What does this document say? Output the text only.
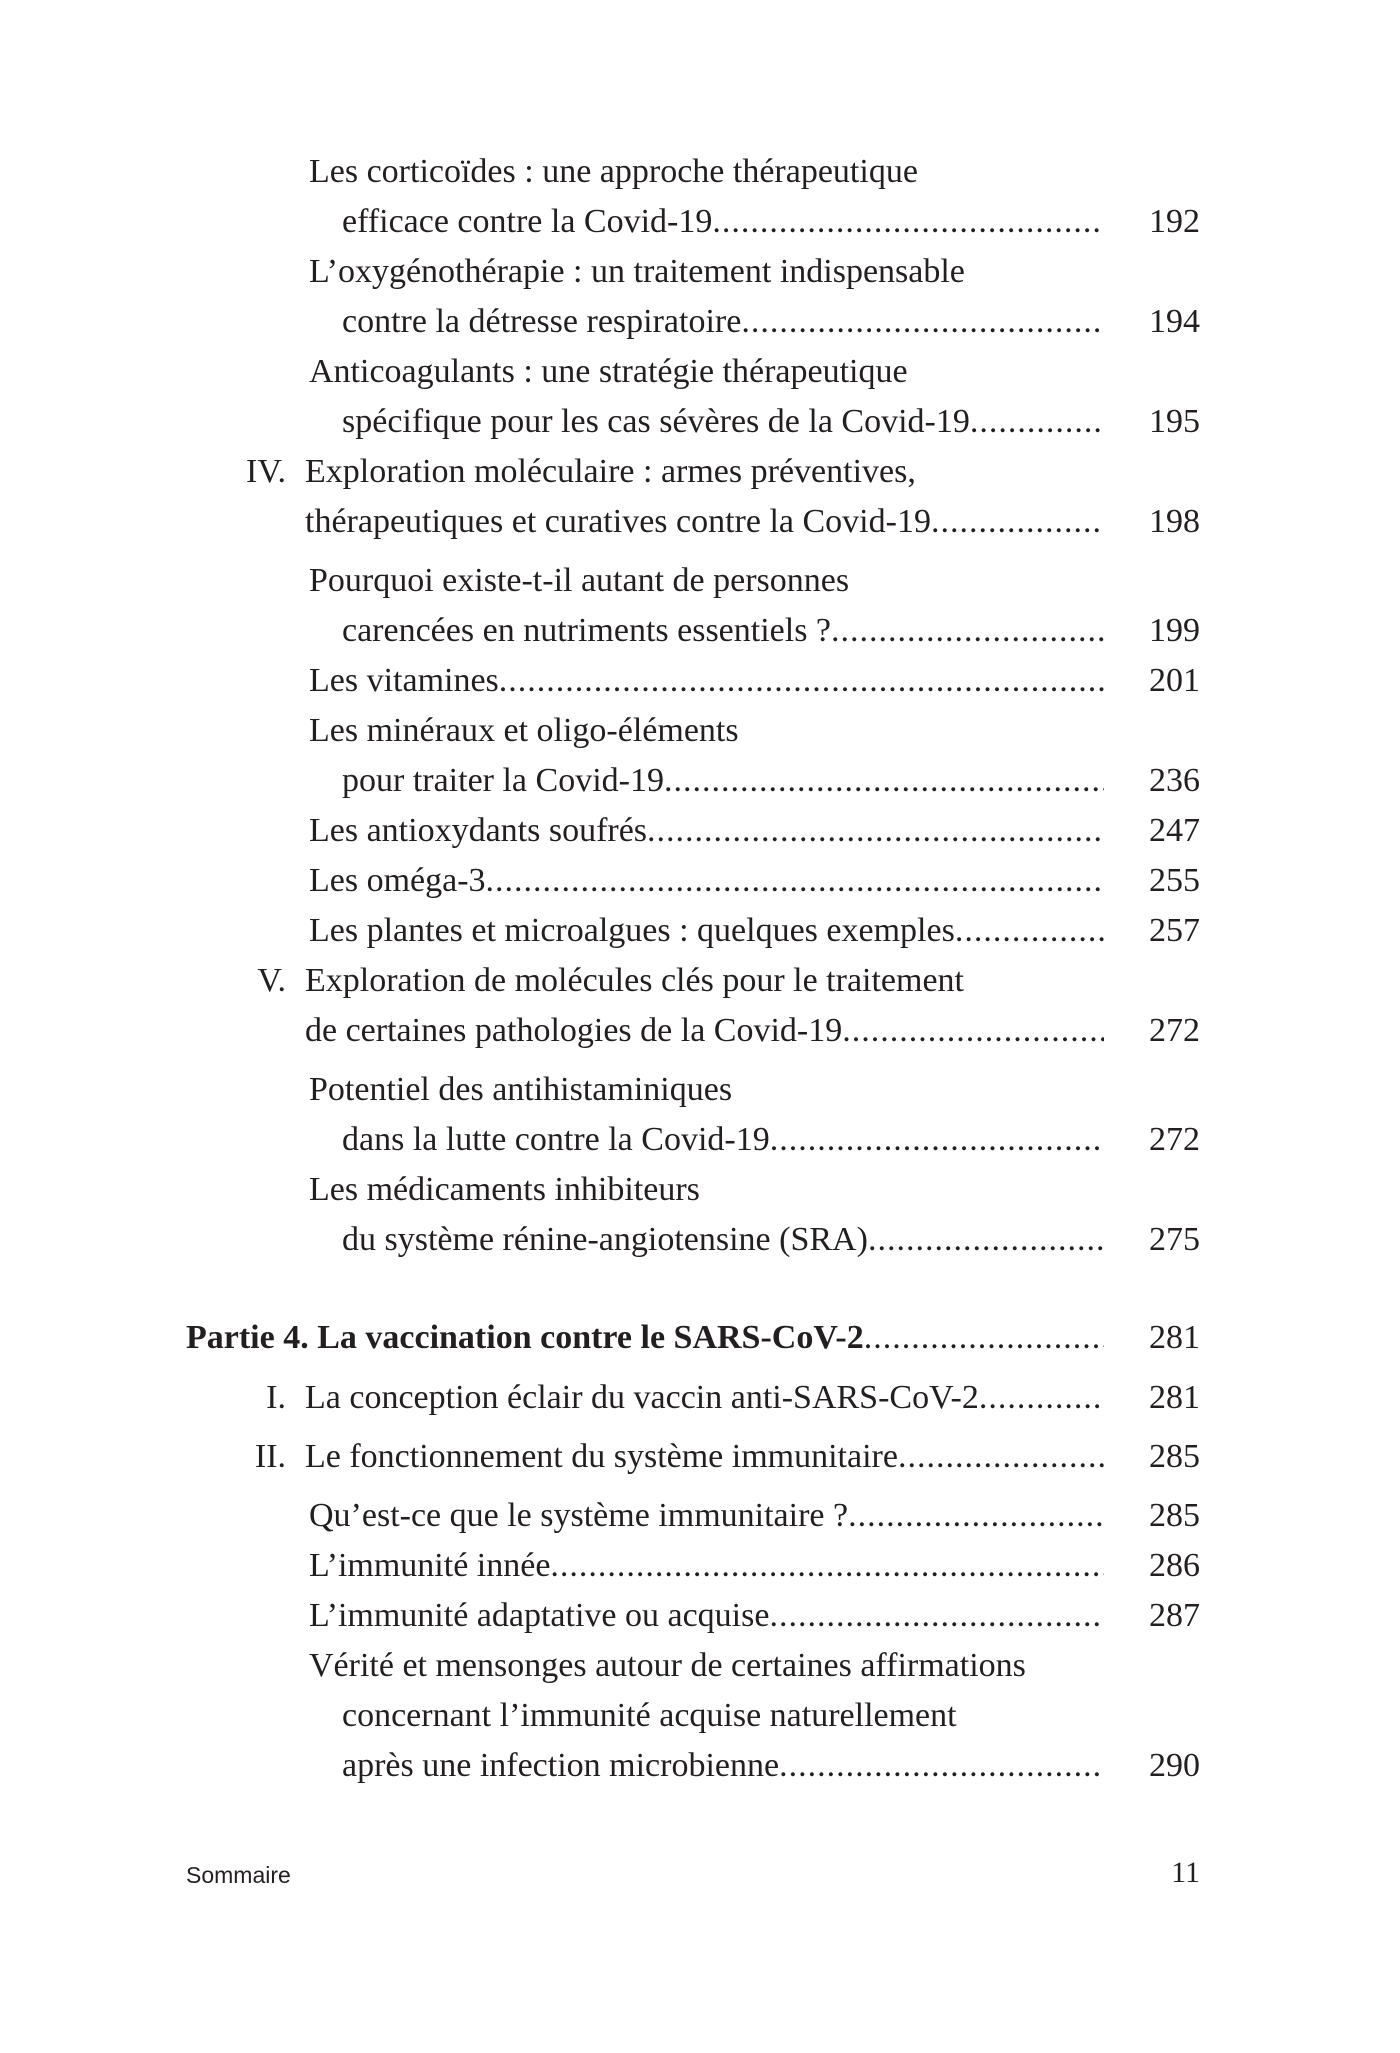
Les corticoïdes : une approche thérapeutique
efficace contre la Covid-19 .....	192
L’oxygénothérapie : un traitement indispensable
contre la détresse respiratoire .....	194
Anticoagulants : une stratégie thérapeutique
spécifique pour les cas sévères de la Covid-19 .....	195
IV. Exploration moléculaire : armes préventives,
thérapeutiques et curatives contre la Covid-19 .....	198
Pourquoi existe-t-il autant de personnes
carencées en nutriments essentiels ? .....	199
Les vitamines .....	201
Les minéraux et oligo-éléments
pour traiter la Covid-19 .....	236
Les antioxydants soufrés .....	247
Les oméga-3 .....	255
Les plantes et microalgues : quelques exemples .....	257
V. Exploration de molécules clés pour le traitement
de certaines pathologies de la Covid-19 .....	272
Potentiel des antihistaminiques
dans la lutte contre la Covid-19 .....	272
Les médicaments inhibiteurs
du système rénine-angiotensine (SRA) .....	275
Partie 4. La vaccination contre le SARS-CoV-2 .....	281
I. La conception éclair du vaccin anti-SARS-CoV-2 .....	281
II. Le fonctionnement du système immunitaire .....	285
Qu’est-ce que le système immunitaire ? .....	285
L’immunité innée .....	286
L’immunité adaptative ou acquise .....	287
Vérité et mensonges autour de certaines affirmations
concernant l’immunité acquise naturellement
après une infection microbienne .....	290
Sommaire	11
